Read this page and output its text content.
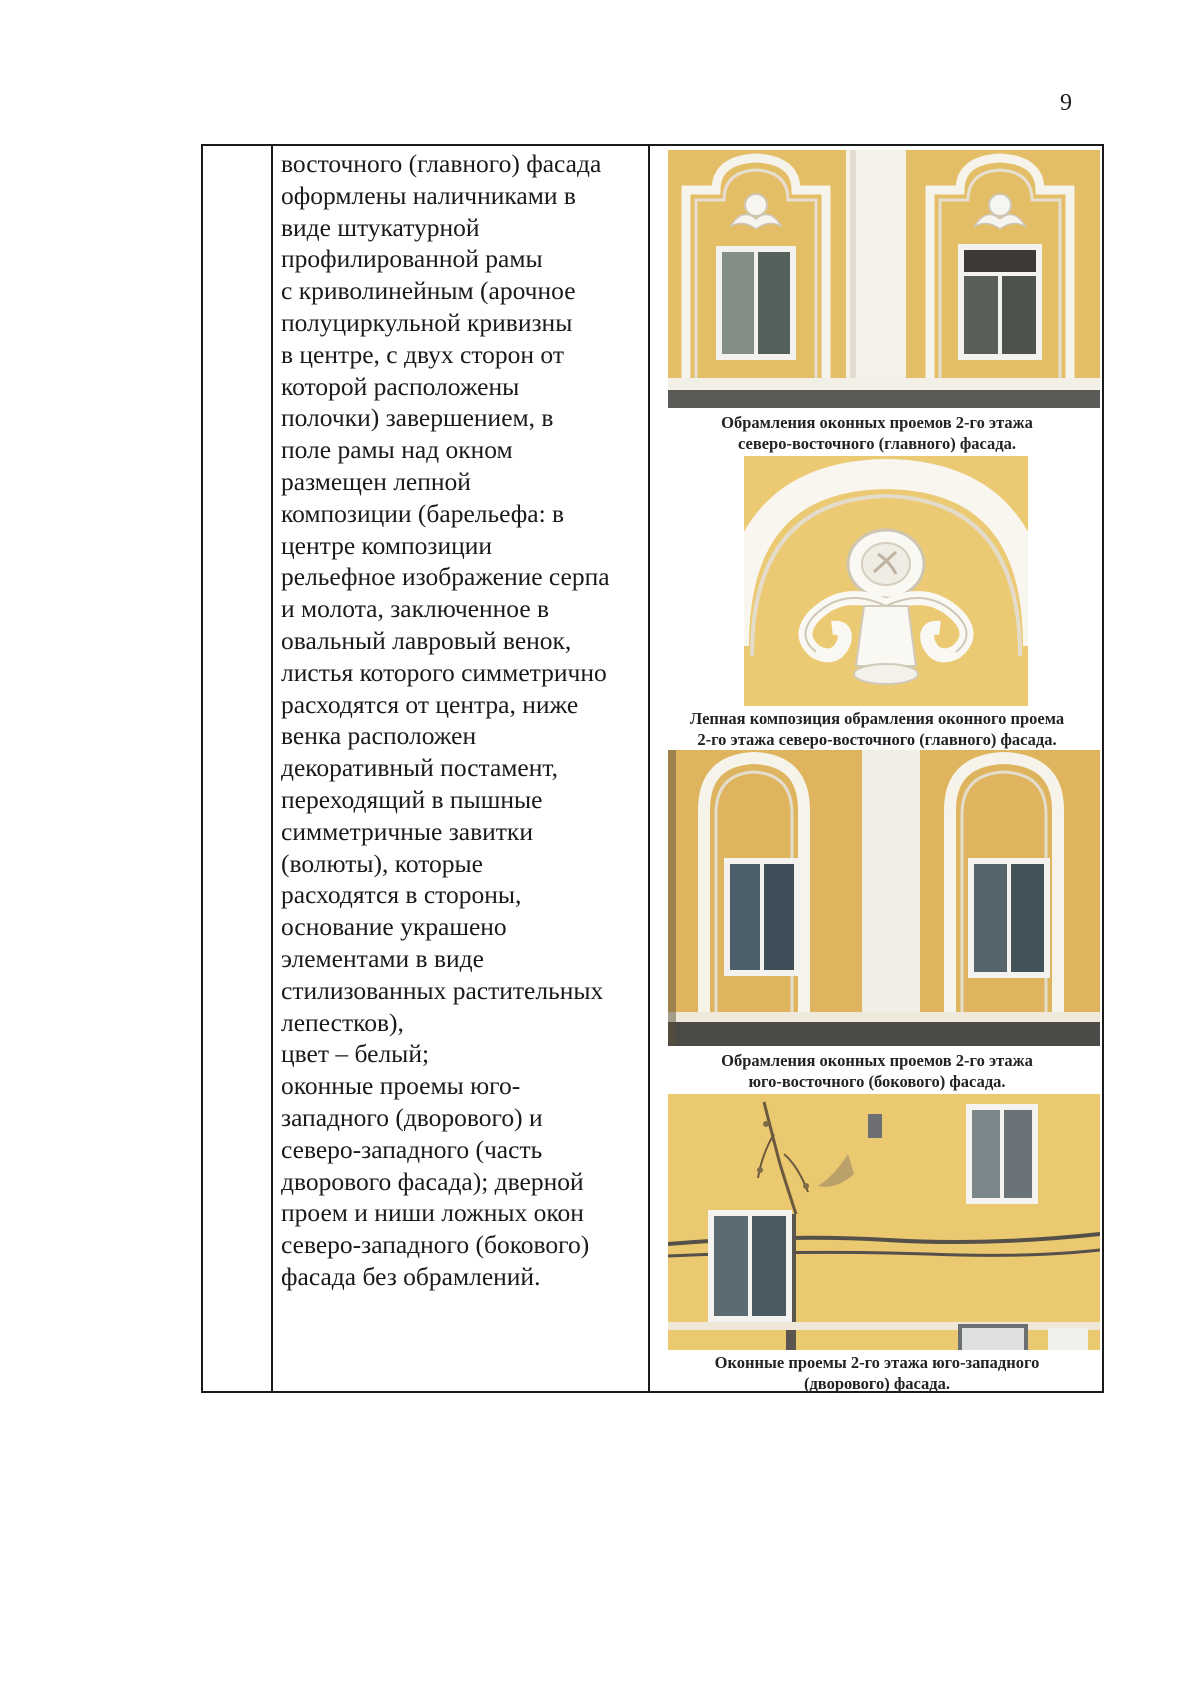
9
восточного (главного) фасада
оформлены наличниками в
виде штукатурной
профилированной рамы
с криволинейным (арочное
полуциркульной кривизны
в центре, с двух сторон от
которой расположены
полочки) завершением, в
поле рамы над окном
размещен лепной
композиции (барельефа: в
центре композиции
рельефное изображение серпа
и молота, заключенное в
овальный лавровый венок,
листья которого симметрично
расходятся от центра, ниже
венка расположен
декоративный постамент,
переходящий в пышные
симметричные завитки
(волюты), которые
расходятся в стороны,
основание украшено
элементами в виде
стилизованных растительных
лепестков),
цвет – белый;
оконные проемы юго-
западного (дворового) и
северо-западного (часть
дворового фасада); дверной
проем и ниши ложных окон
северо-западного (бокового)
фасада без обрамлений.
Обрамления оконных проемов 2-го этажа
северо-восточного (главного) фасада.
Лепная композиция обрамления оконного проема
2-го этажа северо-восточного (главного) фасада.
Обрамления оконных проемов 2-го этажа
юго-восточного (бокового) фасада.
Оконные проемы 2-го этажа юго-западного
(дворового) фасада.
